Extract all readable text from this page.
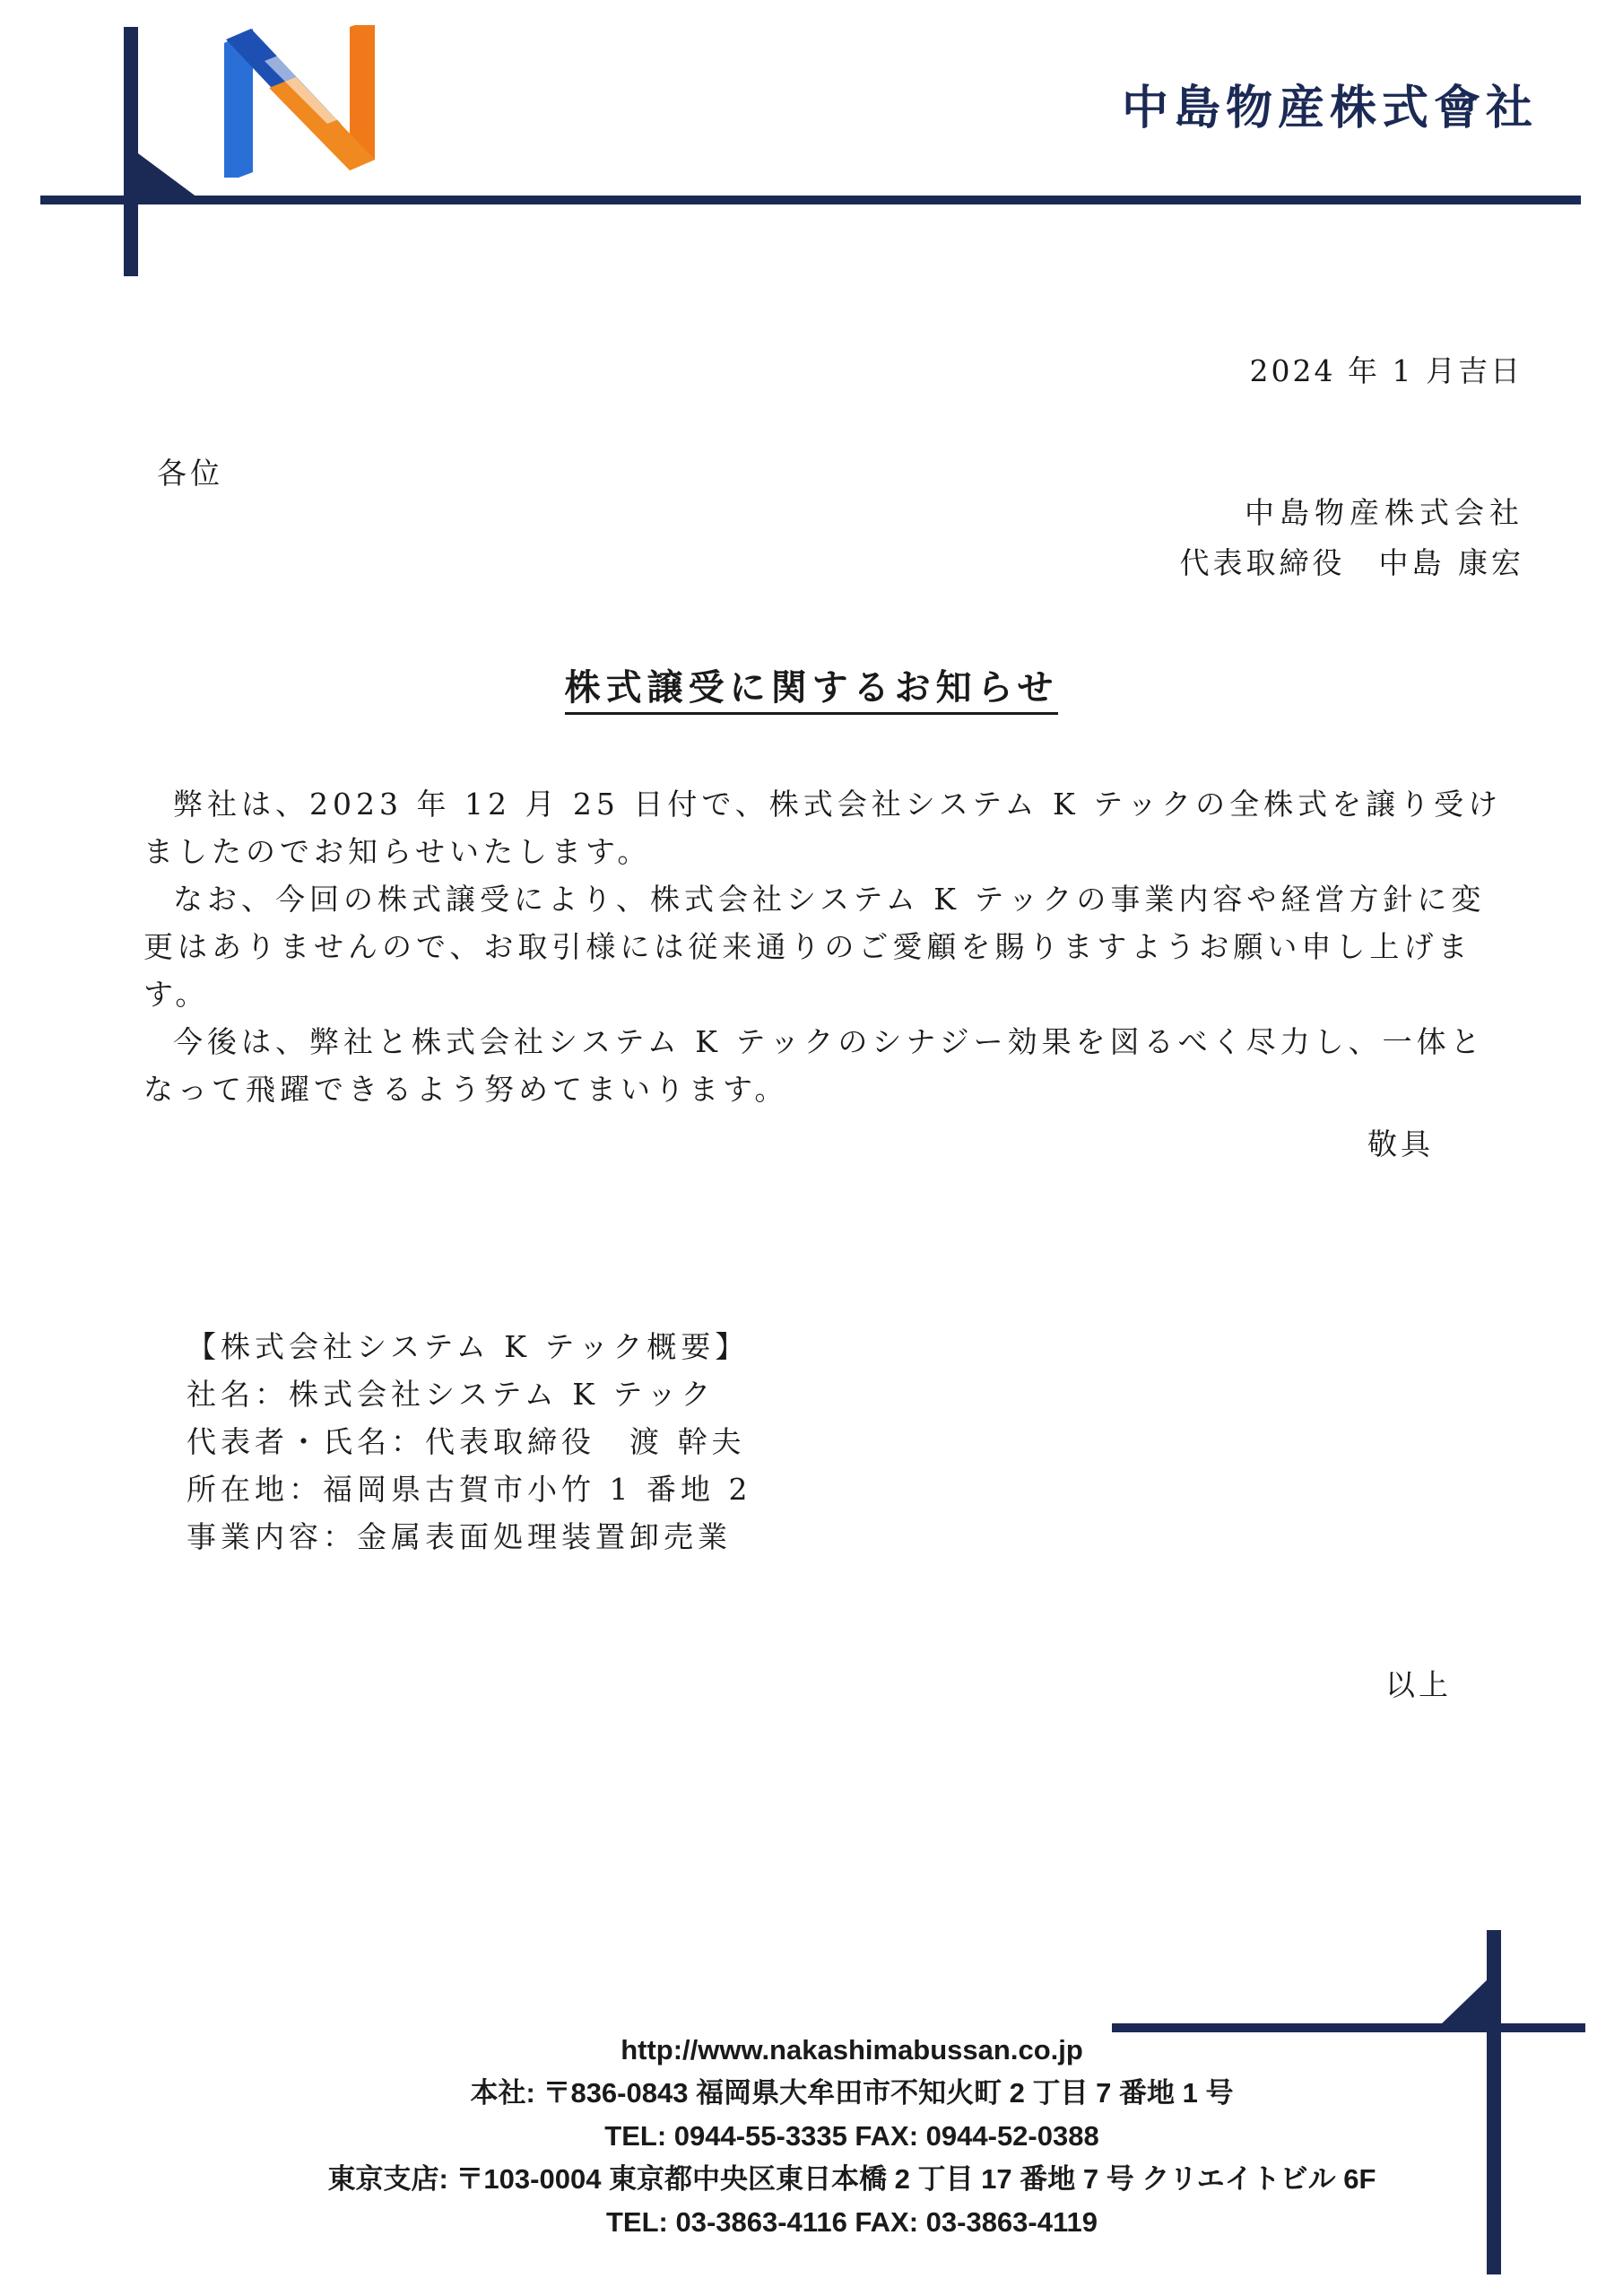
中島物産株式會社
2024 年 1 月吉日
各位
中島物産株式会社
代表取締役　中島 康宏
株式譲受に関するお知らせ

弊社は、2023 年 12 月 25 日付で、株式会社システム K テックの全株式を譲り受けましたのでお知らせいたします。

なお、今回の株式譲受により、株式会社システム K テックの事業内容や経営方針に変更はありませんので、お取引様には従来通りのご愛顧を賜りますようお願い申し上げます。

今後は、弊社と株式会社システム K テックのシナジー効果を図るべく尽力し、一体となって飛躍できるよう努めてまいります。

敬具
【株式会社システム K テック概要】
社名：株式会社システム K テック
代表者・氏名：代表取締役　渡 幹夫
所在地：福岡県古賀市小竹 1 番地 2
事業内容：金属表面処理装置卸売業
以上
http://www.nakashimabussan.co.jp
本社: 〒836-0843 福岡県大牟田市不知火町 2 丁目 7 番地 1 号
TEL: 0944-55-3335 FAX: 0944-52-0388
東京支店: 〒103-0004 東京都中央区東日本橋 2 丁目 17 番地 7 号 クリエイトビル 6F
TEL: 03-3863-4116 FAX: 03-3863-4119
